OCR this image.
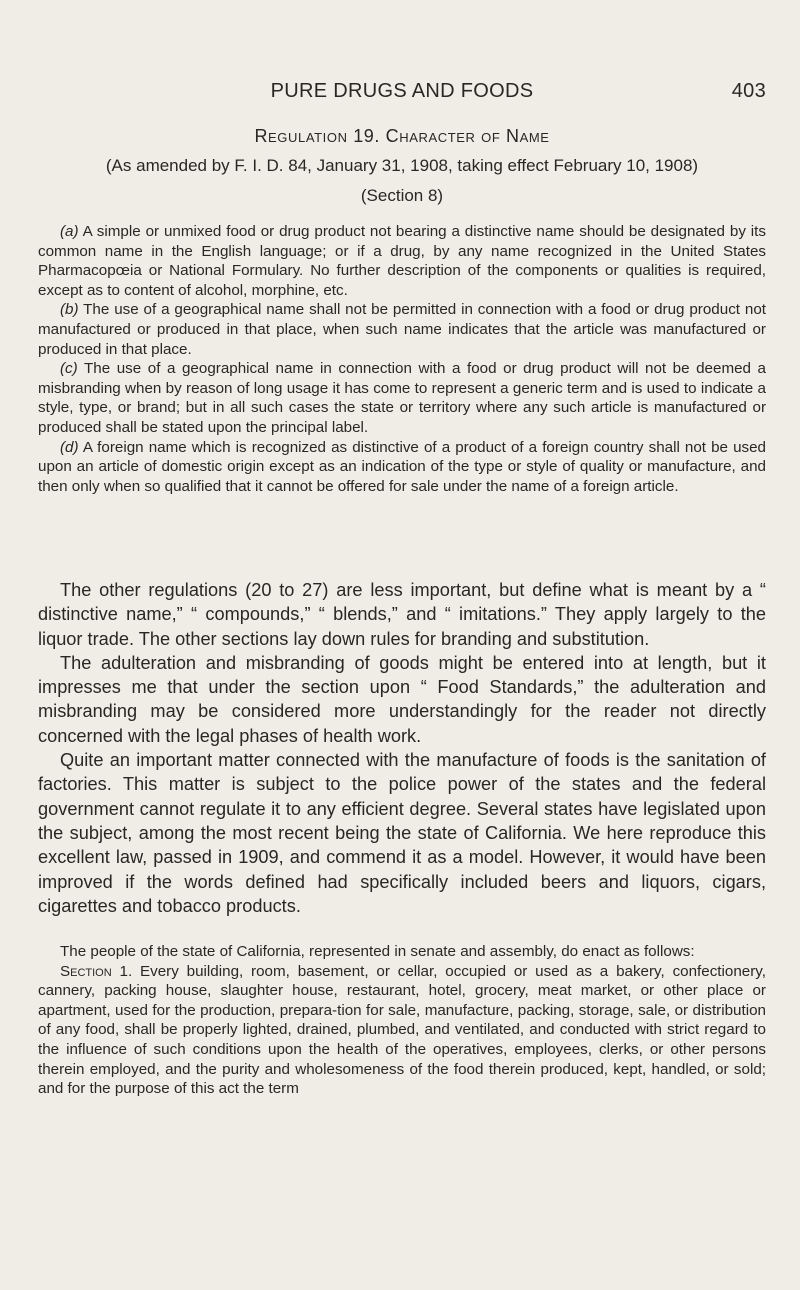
PURE DRUGS AND FOODS	403
Regulation 19. Character of Name
(As amended by F. I. D. 84, January 31, 1908, taking effect February 10, 1908)
(Section 8)

(a) A simple or unmixed food or drug product not bearing a distinctive name should be designated by its common name in the English language; or if a drug, by any name recognized in the United States Pharmacopœia or National Formulary. No further description of the components or qualities is required, except as to content of alcohol, morphine, etc.

(b) The use of a geographical name shall not be permitted in connection with a food or drug product not manufactured or produced in that place, when such name indicates that the article was manufactured or produced in that place.

(c) The use of a geographical name in connection with a food or drug product will not be deemed a misbranding when by reason of long usage it has come to represent a generic term and is used to indicate a style, type, or brand; but in all such cases the state or territory where any such article is manufactured or produced shall be stated upon the principal label.

(d) A foreign name which is recognized as distinctive of a product of a foreign country shall not be used upon an article of domestic origin except as an indication of the type or style of quality or manufacture, and then only when so qualified that it cannot be offered for sale under the name of a foreign article.

The other regulations (20 to 27) are less important, but define what is meant by a “ distinctive name,” “ compounds,” “ blends,” and “ imitations.” They apply largely to the liquor trade. The other sections lay down rules for branding and substitution.

The adulteration and misbranding of goods might be entered into at length, but it impresses me that under the section upon “ Food Standards,” the adulteration and misbranding may be considered more understandingly for the reader not directly concerned with the legal phases of health work.

Quite an important matter connected with the manufacture of foods is the sanitation of factories. This matter is subject to the police power of the states and the federal government cannot regulate it to any efficient degree. Several states have legislated upon the subject, among the most recent being the state of California. We here reproduce this excellent law, passed in 1909, and commend it as a model. However, it would have been improved if the words defined had specifically included beers and liquors, cigars, cigarettes and tobacco products.

The people of the state of California, represented in senate and assembly, do enact as follows:

Section 1. Every building, room, basement, or cellar, occupied or used as a bakery, confectionery, cannery, packing house, slaughter house, restaurant, hotel, grocery, meat market, or other place or apartment, used for the production, prepara-tion for sale, manufacture, packing, storage, sale, or distribution of any food, shall be properly lighted, drained, plumbed, and ventilated, and conducted with strict regard to the influence of such conditions upon the health of the operatives, employees, clerks, or other persons therein employed, and the purity and wholesomeness of the food therein produced, kept, handled, or sold; and for the purpose of this act the term
